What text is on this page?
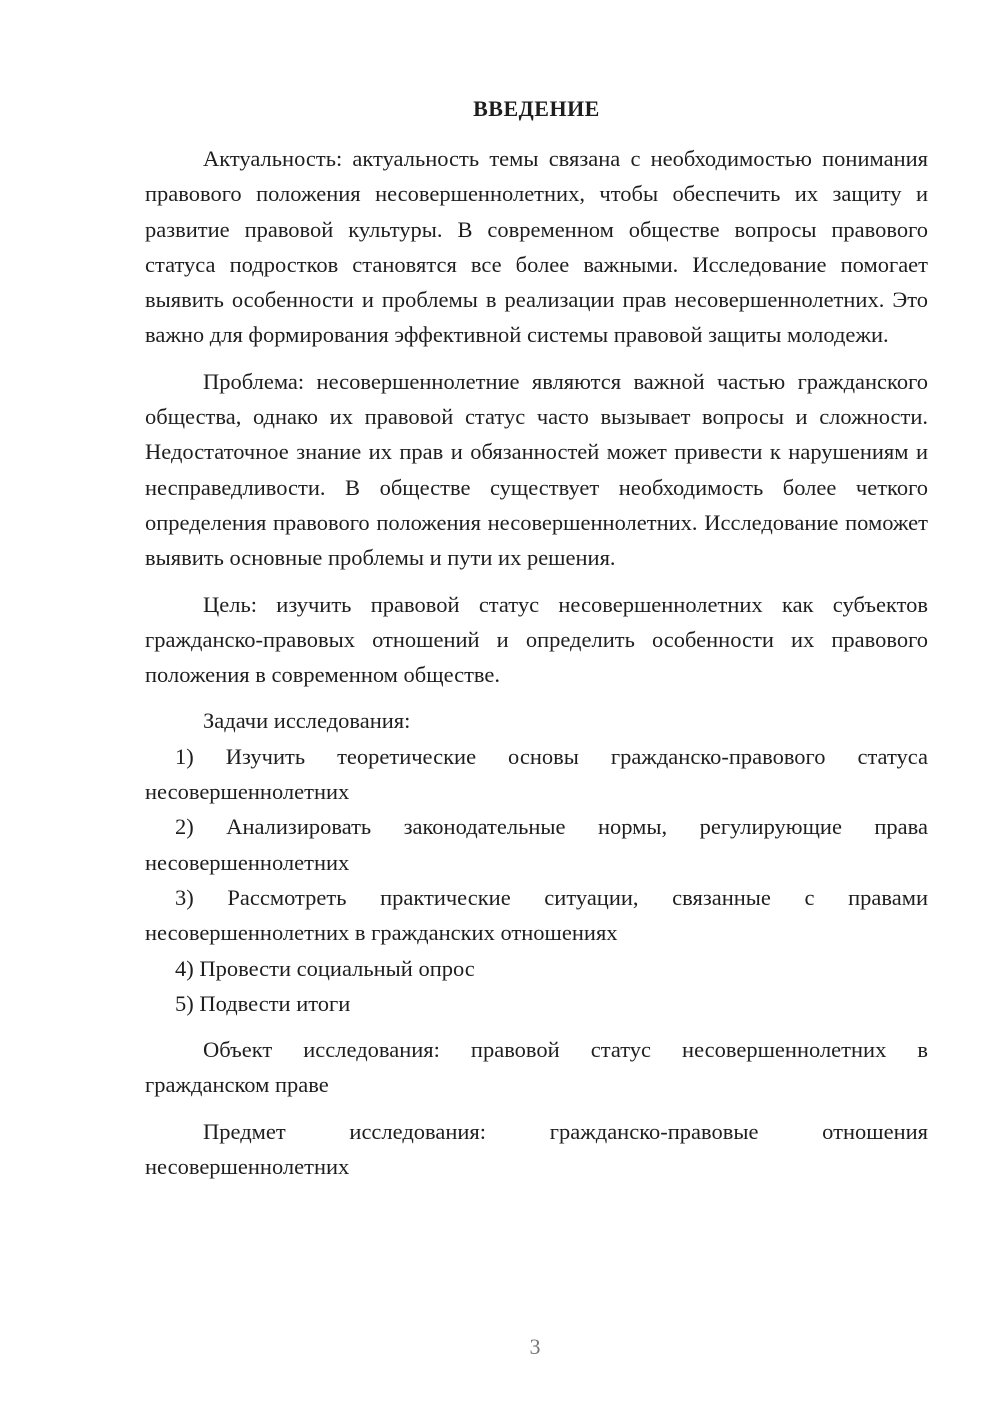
ВВЕДЕНИЕ

Актуальность: актуальность темы связана с необходимостью понимания правового положения несовершеннолетних, чтобы обеспечить их защиту и развитие правовой культуры. В современном обществе вопросы правового статуса подростков становятся все более важными. Исследование помогает выявить особенности и проблемы в реализации прав несовершеннолетних. Это важно для формирования эффективной системы правовой защиты молодежи.

Проблема: несовершеннолетние являются важной частью гражданского общества, однако их правовой статус часто вызывает вопросы и сложности. Недостаточное знание их прав и обязанностей может привести к нарушениям и несправедливости. В обществе существует необходимость более четкого определения правового положения несовершеннолетних. Исследование поможет выявить основные проблемы и пути их решения.

Цель: изучить правовой статус несовершеннолетних как субъектов гражданско-правовых отношений и определить особенности их правового положения в современном обществе.

Задачи исследования:

1) Изучить теоретические основы гражданско-правового статуса несовершеннолетних

2) Анализировать законодательные нормы, регулирующие права несовершеннолетних

3) Рассмотреть практические ситуации, связанные с правами несовершеннолетних в гражданских отношениях

4) Провести социальный опрос

5) Подвести итоги

Объект исследования: правовой статус несовершеннолетних в гражданском праве

Предмет исследования: гражданско-правовые отношения несовершеннолетних

3
